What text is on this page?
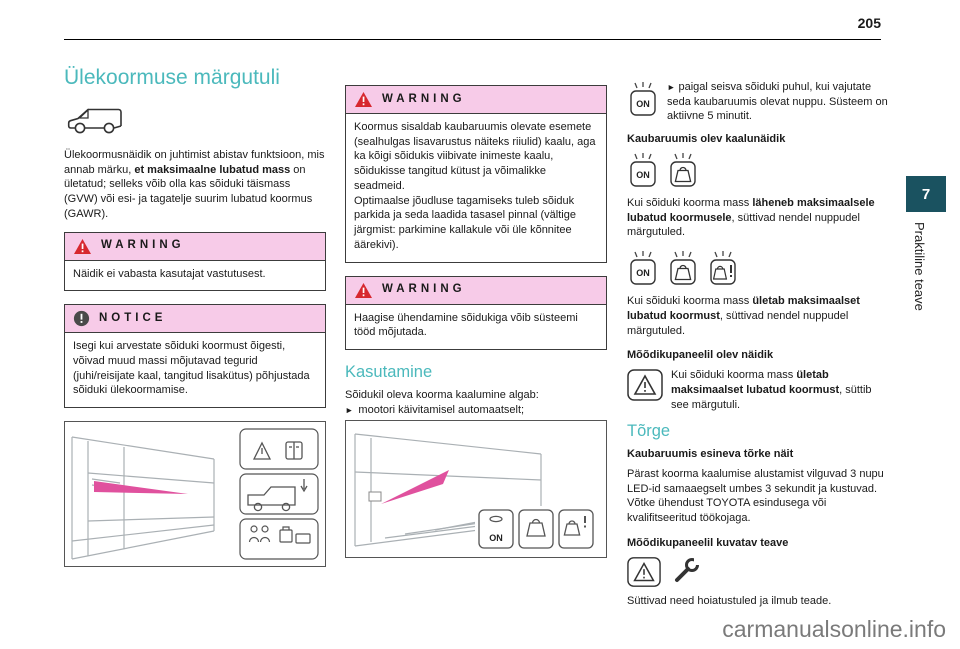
205
Ülekoormuse märgutuli

Ülekoormusnäidik on juhtimist abistav funktsioon, mis annab märku, et maksimaalne lubatud mass on ületatud; selleks võib olla kas sõiduki täismass (GVW) või esi- ja tagatelje suurim lubatud koormus (GAWR).

WARNING

Näidik ei vabasta kasutajat vastutusest.

NOTICE

Isegi kui arvestate sõiduki koormust õigesti, võivad muud massi mõjutavad tegurid (juhi/reisijate kaal, tangitud lisakütus) põhjustada sõiduki ülekoormamise.

WARNING

Koormus sisaldab kaubaruumis olevate esemete (sealhulgas lisavarustus näiteks riiulid) kaalu, aga ka kõigi sõidukis viibivate inimeste kaalu, sõidukisse tangitud kütust ja võimalikke seadmeid.

Optimaalse jõudluse tagamiseks tuleb sõiduk parkida ja seda laadida tasasel pinnal (vältige järgmist: parkimine kallakule või üle kõnnitee äärekivi).

WARNING

Haagise ühendamine sõidukiga võib süsteemi tööd mõjutada.

Kasutamine

Sõidukil oleva koorma kaalumine algab:

► mootori käivitamisel automaatselt;
ON
ON

► paigal seisva sõiduki puhul, kui vajutate seda kaubaruumis olevat nuppu. Süsteem on aktiivne 5 minutit.

Kaubaruumis olev kaalunäidik
ON

Kui sõiduki koorma mass läheneb maksimaalsele lubatud koormusele, süttivad nendel nuppudel märgutuled.

ON

Kui sõiduki koorma mass ületab maksimaalset lubatud koormust, süttivad nendel nuppudel märgutuled.

Mõõdikupaneelil olev näidik

Kui sõiduki koorma mass ületab maksimaalset lubatud koormust, süttib see märgutuli.

Tõrge
Kaubaruumis esineva tõrke näit

Pärast koorma kaalumise alustamist vilguvad 3 nupu LED-id samaaegselt umbes 3 sekundit ja kustuvad.

Võtke ühendust TOYOTA esindusega või kvalifitseeritud töökojaga.

Mõõdikupaneelil kuvatav teave

Süttivad need hoiatustuled ja ilmub teade.

7
Praktiline teave
carmanualsonline.info
